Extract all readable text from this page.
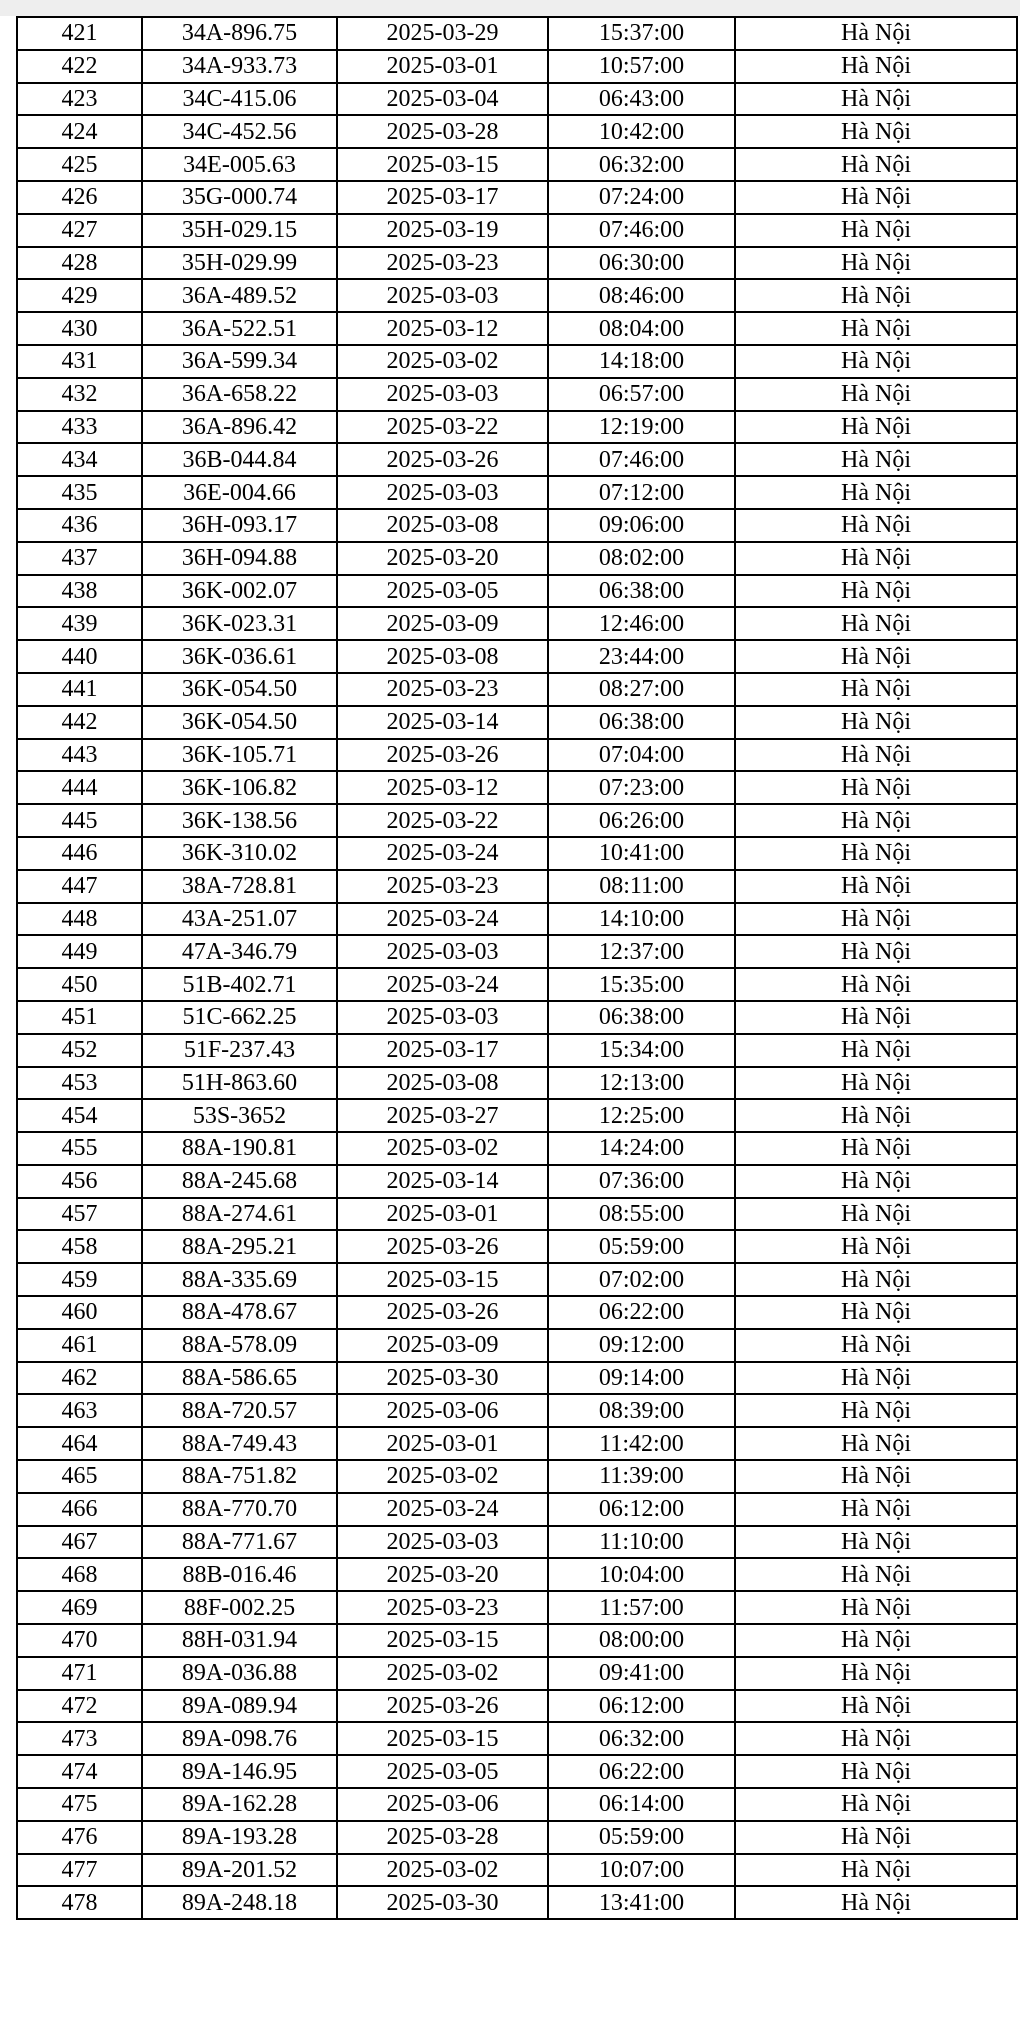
421	34A-896.75	2025-03-29	15:37:00	Hà Nội
422	34A-933.73	2025-03-01	10:57:00	Hà Nội
423	34C-415.06	2025-03-04	06:43:00	Hà Nội
424	34C-452.56	2025-03-28	10:42:00	Hà Nội
425	34E-005.63	2025-03-15	06:32:00	Hà Nội
426	35G-000.74	2025-03-17	07:24:00	Hà Nội
427	35H-029.15	2025-03-19	07:46:00	Hà Nội
428	35H-029.99	2025-03-23	06:30:00	Hà Nội
429	36A-489.52	2025-03-03	08:46:00	Hà Nội
430	36A-522.51	2025-03-12	08:04:00	Hà Nội
431	36A-599.34	2025-03-02	14:18:00	Hà Nội
432	36A-658.22	2025-03-03	06:57:00	Hà Nội
433	36A-896.42	2025-03-22	12:19:00	Hà Nội
434	36B-044.84	2025-03-26	07:46:00	Hà Nội
435	36E-004.66	2025-03-03	07:12:00	Hà Nội
436	36H-093.17	2025-03-08	09:06:00	Hà Nội
437	36H-094.88	2025-03-20	08:02:00	Hà Nội
438	36K-002.07	2025-03-05	06:38:00	Hà Nội
439	36K-023.31	2025-03-09	12:46:00	Hà Nội
440	36K-036.61	2025-03-08	23:44:00	Hà Nội
441	36K-054.50	2025-03-23	08:27:00	Hà Nội
442	36K-054.50	2025-03-14	06:38:00	Hà Nội
443	36K-105.71	2025-03-26	07:04:00	Hà Nội
444	36K-106.82	2025-03-12	07:23:00	Hà Nội
445	36K-138.56	2025-03-22	06:26:00	Hà Nội
446	36K-310.02	2025-03-24	10:41:00	Hà Nội
447	38A-728.81	2025-03-23	08:11:00	Hà Nội
448	43A-251.07	2025-03-24	14:10:00	Hà Nội
449	47A-346.79	2025-03-03	12:37:00	Hà Nội
450	51B-402.71	2025-03-24	15:35:00	Hà Nội
451	51C-662.25	2025-03-03	06:38:00	Hà Nội
452	51F-237.43	2025-03-17	15:34:00	Hà Nội
453	51H-863.60	2025-03-08	12:13:00	Hà Nội
454	53S-3652	2025-03-27	12:25:00	Hà Nội
455	88A-190.81	2025-03-02	14:24:00	Hà Nội
456	88A-245.68	2025-03-14	07:36:00	Hà Nội
457	88A-274.61	2025-03-01	08:55:00	Hà Nội
458	88A-295.21	2025-03-26	05:59:00	Hà Nội
459	88A-335.69	2025-03-15	07:02:00	Hà Nội
460	88A-478.67	2025-03-26	06:22:00	Hà Nội
461	88A-578.09	2025-03-09	09:12:00	Hà Nội
462	88A-586.65	2025-03-30	09:14:00	Hà Nội
463	88A-720.57	2025-03-06	08:39:00	Hà Nội
464	88A-749.43	2025-03-01	11:42:00	Hà Nội
465	88A-751.82	2025-03-02	11:39:00	Hà Nội
466	88A-770.70	2025-03-24	06:12:00	Hà Nội
467	88A-771.67	2025-03-03	11:10:00	Hà Nội
468	88B-016.46	2025-03-20	10:04:00	Hà Nội
469	88F-002.25	2025-03-23	11:57:00	Hà Nội
470	88H-031.94	2025-03-15	08:00:00	Hà Nội
471	89A-036.88	2025-03-02	09:41:00	Hà Nội
472	89A-089.94	2025-03-26	06:12:00	Hà Nội
473	89A-098.76	2025-03-15	06:32:00	Hà Nội
474	89A-146.95	2025-03-05	06:22:00	Hà Nội
475	89A-162.28	2025-03-06	06:14:00	Hà Nội
476	89A-193.28	2025-03-28	05:59:00	Hà Nội
477	89A-201.52	2025-03-02	10:07:00	Hà Nội
478	89A-248.18	2025-03-30	13:41:00	Hà Nội
